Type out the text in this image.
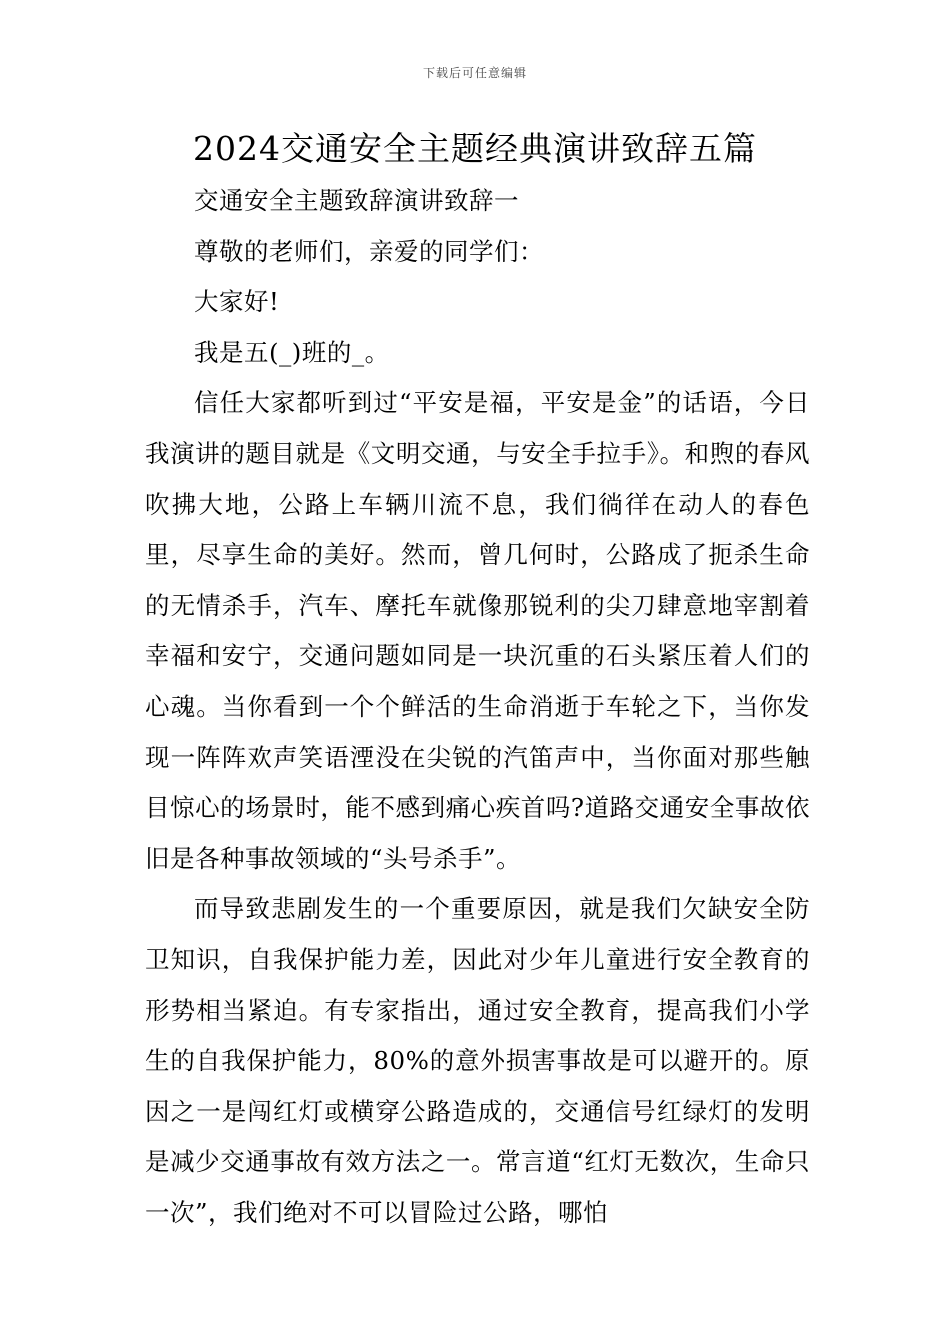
下载后可任意编辑
2024交通安全主题经典演讲致辞五篇

交通安全主题致辞演讲致辞一

尊敬的老师们，亲爱的同学们：

大家好!

我是五(_)班的_。

信任大家都听到过“平安是福，平安是金”的话语，今日我演讲的题目就是《文明交通，与安全手拉手》。和煦的春风吹拂大地，公路上车辆川流不息，我们徜徉在动人的春色里，尽享生命的美好。然而，曾几何时，公路成了扼杀生命的无情杀手，汽车、摩托车就像那锐利的尖刀肆意地宰割着幸福和安宁，交通问题如同是一块沉重的石头紧压着人们的心魂。当你看到一个个鲜活的生命消逝于车轮之下，当你发现一阵阵欢声笑语湮没在尖锐的汽笛声中，当你面对那些触目惊心的场景时，能不感到痛心疾首吗?道路交通安全事故依旧是各种事故领域的“头号杀手”。

而导致悲剧发生的一个重要原因，就是我们欠缺安全防卫知识，自我保护能力差，因此对少年儿童进行安全教育的形势相当紧迫。有专家指出，通过安全教育，提高我们小学生的自我保护能力，80%的意外损害事故是可以避开的。原因之一是闯红灯或横穿公路造成的，交通信号红绿灯的发明是减少交通事故有效方法之一。常言道“红灯无数次，生命只一次”，我们绝对不可以冒险过公路，哪怕
